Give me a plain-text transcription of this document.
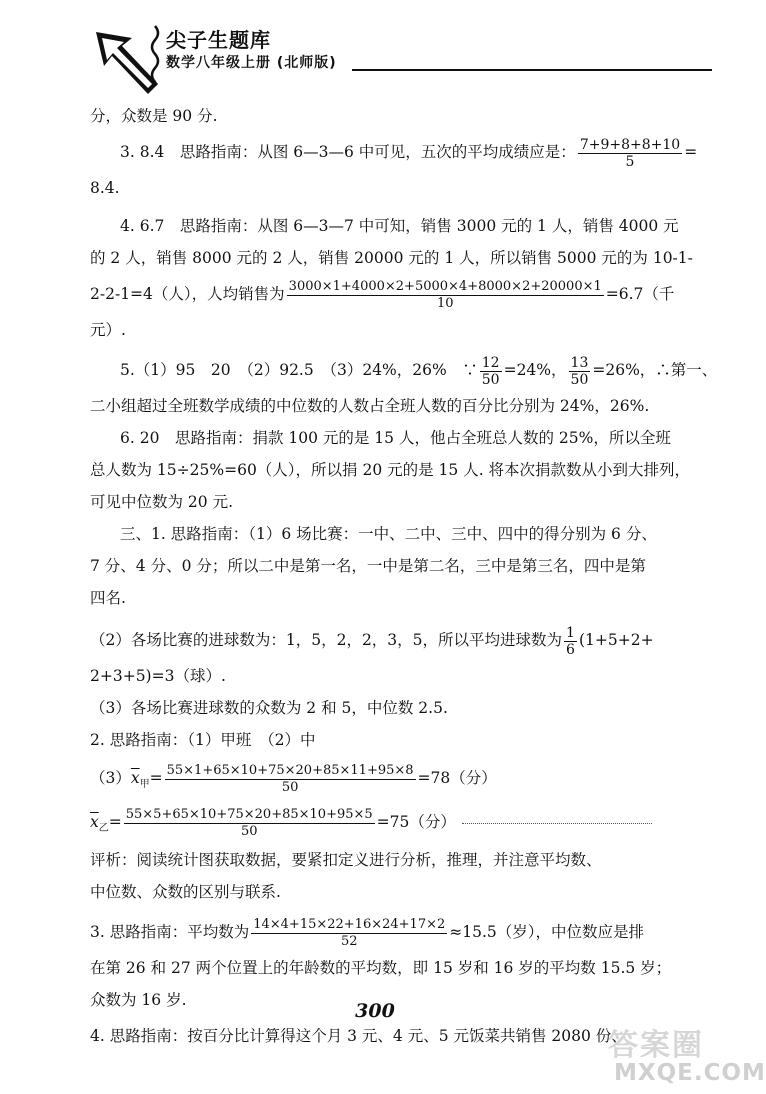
尖子生题库
数学八年级上册 (北师版)
分，众数是 90 分.
3. 8.4　思路指南：从图 6—3—6 中可见，五次的平均成绩应是： $\frac{7+9+8+8+10}{5}$ =
8.4.
4. 6.7　思路指南：从图 6—3—7 中可知，销售 3000 元的 1 人，销售 4000 元
的 2 人，销售 8000 元的 2 人，销售 20000 元的 1 人，所以销售 5000 元的为 10-1-
2-2-1=4（人），人均销售为 $\frac{3000\times 1+4000\times 2+5000\times 4+8000\times 2+20000\times 1}{10} =6.7$（千
元）.
5.（1）95　20　（2）92.5　（3）24%，26%　∵ $\frac{12}{50} =24\%$， $\frac{13}{50} =26\%$，∴第一、
二小组超过全班数学成绩的中位数的人数占全班人数的百分比分别为 24%，26%.
6. 20　思路指南：捐款 100 元的是 15 人，他占全班总人数的 25%，所以全班
总人数为 15÷25%=60（人），所以捐 20 元的是 15 人. 将本次捐款数从小到大排列，
可见中位数为 20 元.
三、1. 思路指南：（1）6 场比赛：一中、二中、三中、四中的得分别为 6 分、
7 分、4 分、0 分；所以二中是第一名，一中是第二名，三中是第三名，四中是第
四名.
（2）各场比赛的进球数为：1，5，2，2，3，5，所以平均进球数为 $\frac{1}{6} (1+5+2+$
2+3+5)=3（球）.
（3）各场比赛进球数的众数为 2 和 5，中位数 2.5.
2. 思路指南：（1）甲班　（2）中
$(3)\overline{x}_甲= \frac{55\times 1+65\times 10+75\times 20+85\times 11+95\times 8}{50} =78$（分）
$\overline{x}_乙= \frac{55\times 5+65\times 10+75\times 20+85\times 10+95\times 5}{50} =75$（分）
评析：阅读统计图获取数据，要紧扣定义进行分析，推理，并注意平均数、
中位数、众数的区别与联系.
3. 思路指南：平均数为 $\frac{14\times 4+15\times 22+16\times 24+17\times 2}{52} \approx 15.5$（岁），中位数应是排
在第 26 和 27 两个位置上的年龄数的平均数，即 15 岁和 16 岁的平均数 15.5 岁；
众数为 16 岁.
4. 思路指南：按百分比计算得这个月 3 元、4 元、5 元饭菜共销售 2080 份、
300
答案圈
MXQE.COM
